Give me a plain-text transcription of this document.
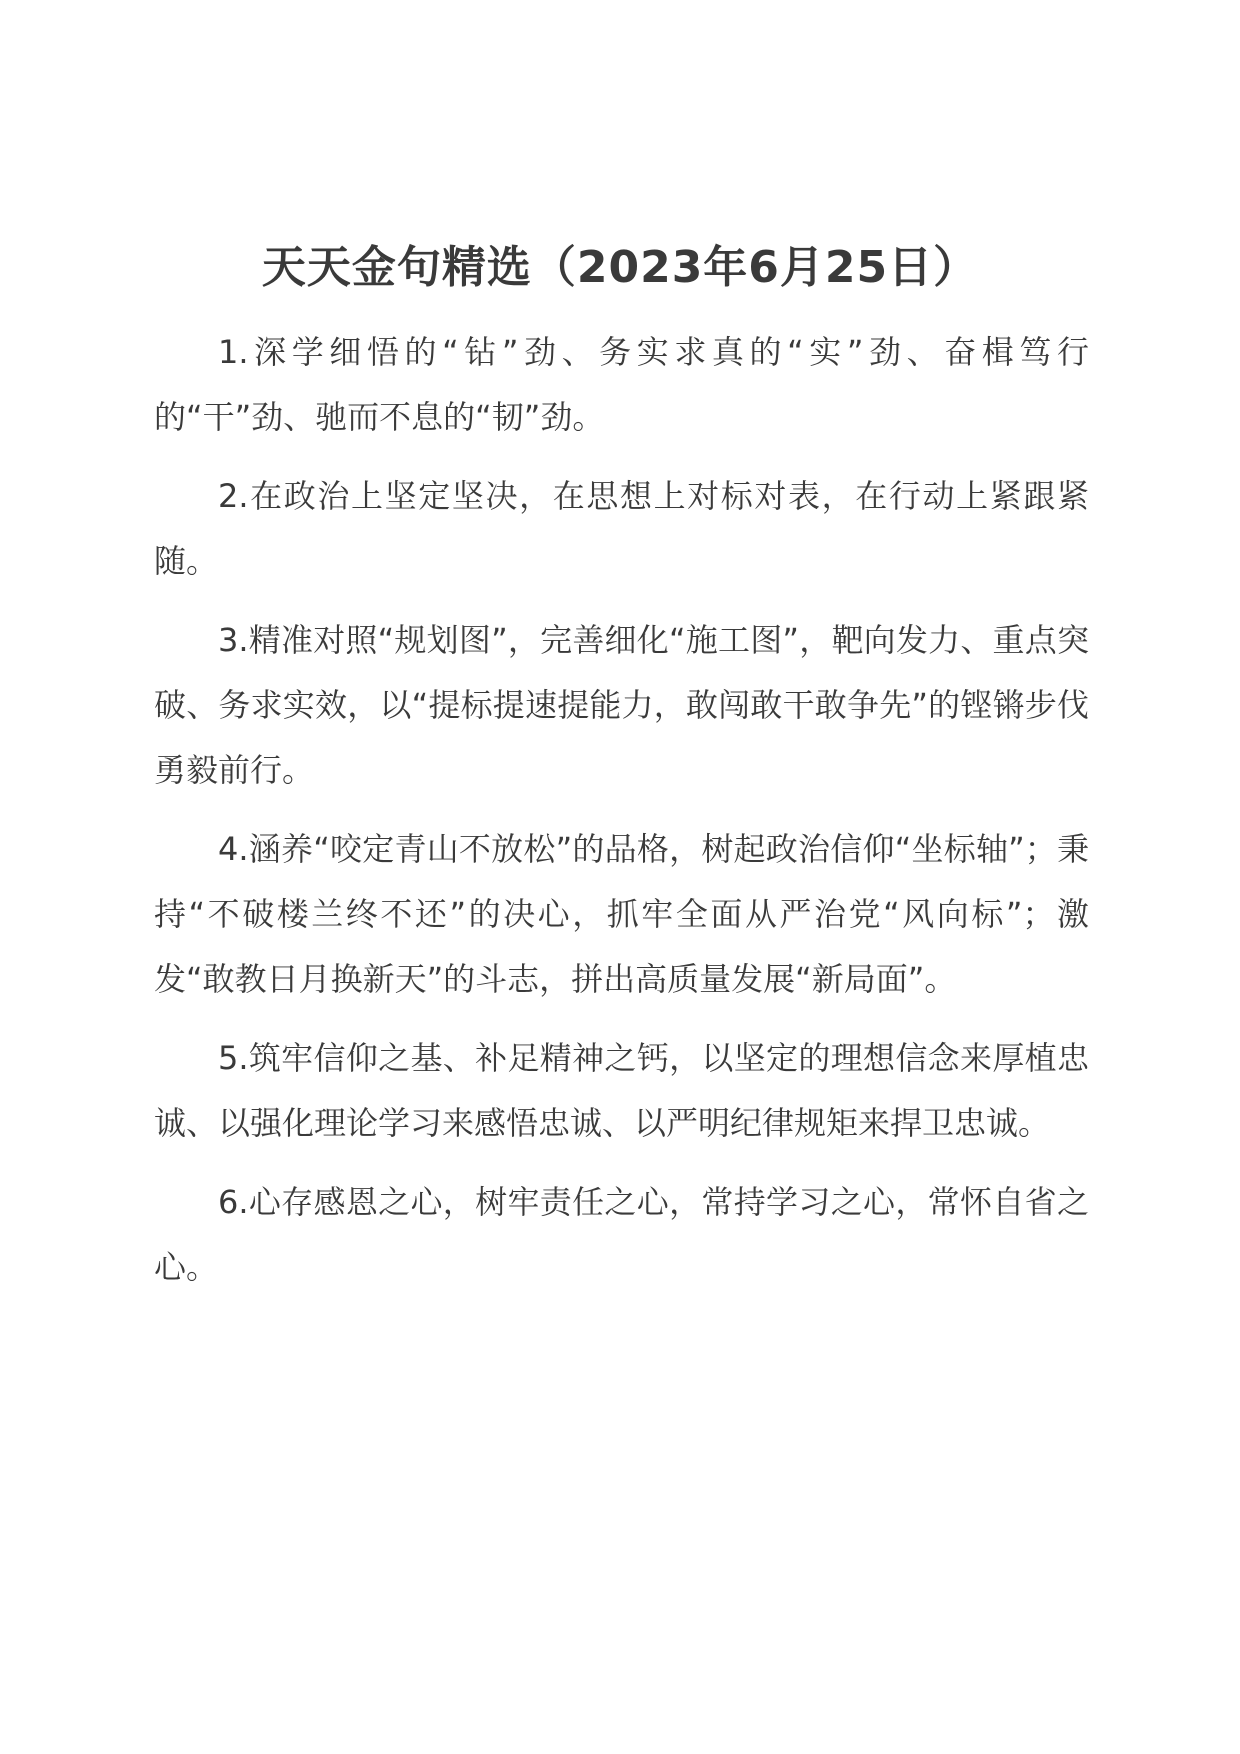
天天金句精选（2023年6月25日）

1.深学细悟的“钻”劲、务实求真的“实”劲、奋楫笃行的“干”劲、驰而不息的“韧”劲。

2.在政治上坚定坚决，在思想上对标对表，在行动上紧跟紧随。

3.精准对照“规划图”，完善细化“施工图”，靶向发力、重点突破、务求实效，以“提标提速提能力，敢闯敢干敢争先”的铿锵步伐勇毅前行。

4.涵养“咬定青山不放松”的品格，树起政治信仰“坐标轴”；秉持“不破楼兰终不还”的决心，抓牢全面从严治党“风向标”；激发“敢教日月换新天”的斗志，拼出高质量发展“新局面”。

5.筑牢信仰之基、补足精神之钙，以坚定的理想信念来厚植忠诚、以强化理论学习来感悟忠诚、以严明纪律规矩来捍卫忠诚。

6.心存感恩之心，树牢责任之心，常持学习之心，常怀自省之心。
